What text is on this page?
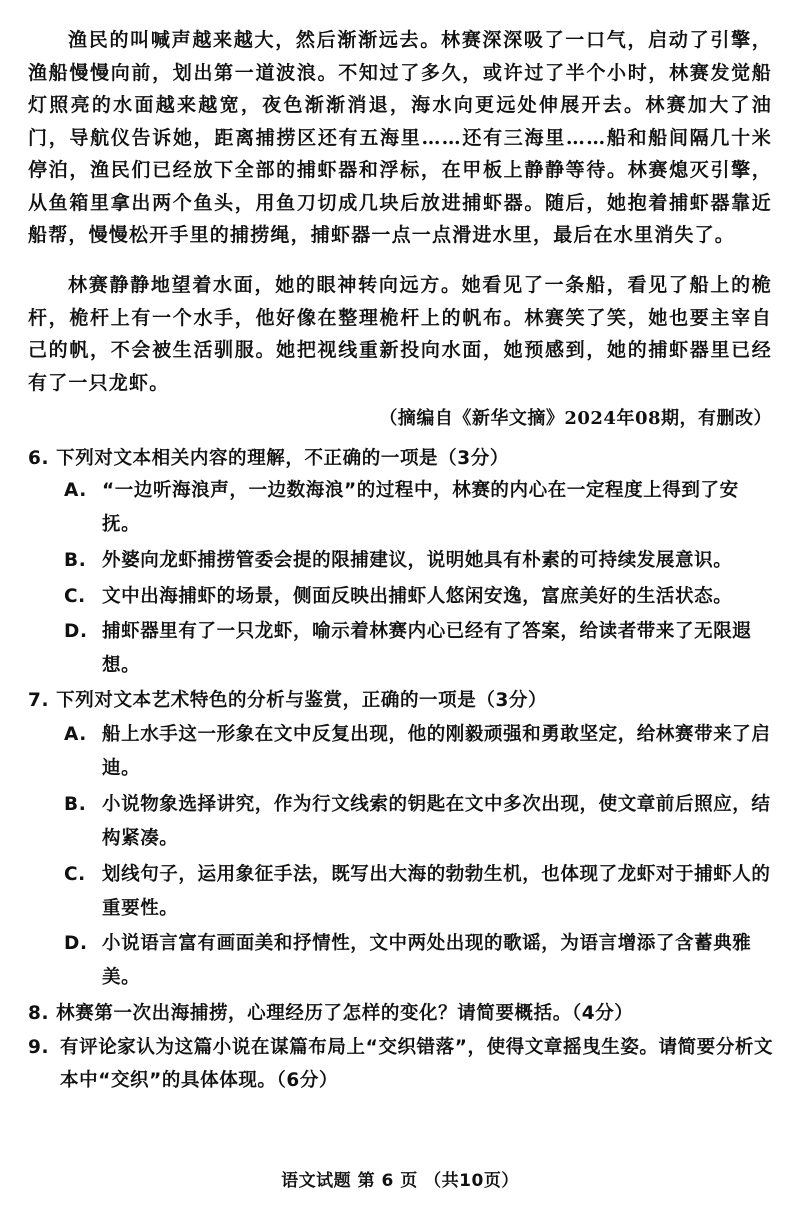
渔民的叫喊声越来越大，然后渐渐远去。林赛深深吸了一口气，启动了引擎，渔船慢慢向前，划出第一道波浪。不知过了多久，或许过了半个小时，林赛发觉船灯照亮的水面越来越宽，夜色渐渐消退，海水向更远处伸展开去。林赛加大了油门，导航仪告诉她，距离捕捞区还有五海里……还有三海里……船和船间隔几十米停泊，渔民们已经放下全部的捕虾器和浮标，在甲板上静静等待。林赛熄灭引擎，从鱼箱里拿出两个鱼头，用鱼刀切成几块后放进捕虾器。随后，她抱着捕虾器靠近船帮，慢慢松开手里的捕捞绳，捕虾器一点一点滑进水里，最后在水里消失了。

林赛静静地望着水面，她的眼神转向远方。她看见了一条船，看见了船上的桅杆，桅杆上有一个水手，他好像在整理桅杆上的帆布。林赛笑了笑，她也要主宰自己的帆，不会被生活驯服。她把视线重新投向水面，她预感到，她的捕虾器里已经有了一只龙虾。

（摘编自《新华文摘》2024年08期，有删改）
6. 下列对文本相关内容的理解，不正确的一项是（3分）
A. “一边听海浪声，一边数海浪”的过程中，林赛的内心在一定程度上得到了安抚。
B. 外婆向龙虾捕捞管委会提的限捕建议，说明她具有朴素的可持续发展意识。
C. 文中出海捕虾的场景，侧面反映出捕虾人悠闲安逸，富庶美好的生活状态。
D. 捕虾器里有了一只龙虾，喻示着林赛内心已经有了答案，给读者带来了无限遐想。
7. 下列对文本艺术特色的分析与鉴赏，正确的一项是（3分）
A. 船上水手这一形象在文中反复出现，他的刚毅顽强和勇敢坚定，给林赛带来了启迪。
B. 小说物象选择讲究，作为行文线索的钥匙在文中多次出现，使文章前后照应，结构紧凑。
C. 划线句子，运用象征手法，既写出大海的勃勃生机，也体现了龙虾对于捕虾人的重要性。
D. 小说语言富有画面美和抒情性，文中两处出现的歌谣，为语言增添了含蓄典雅美。
8. 林赛第一次出海捕捞，心理经历了怎样的变化？请简要概括。（4分）
9. 有评论家认为这篇小说在谋篇布局上“交织错落”，使得文章摇曳生姿。请简要分析文本中“交织”的具体体现。（6分）
语文试题 第 6 页 （共10页）
